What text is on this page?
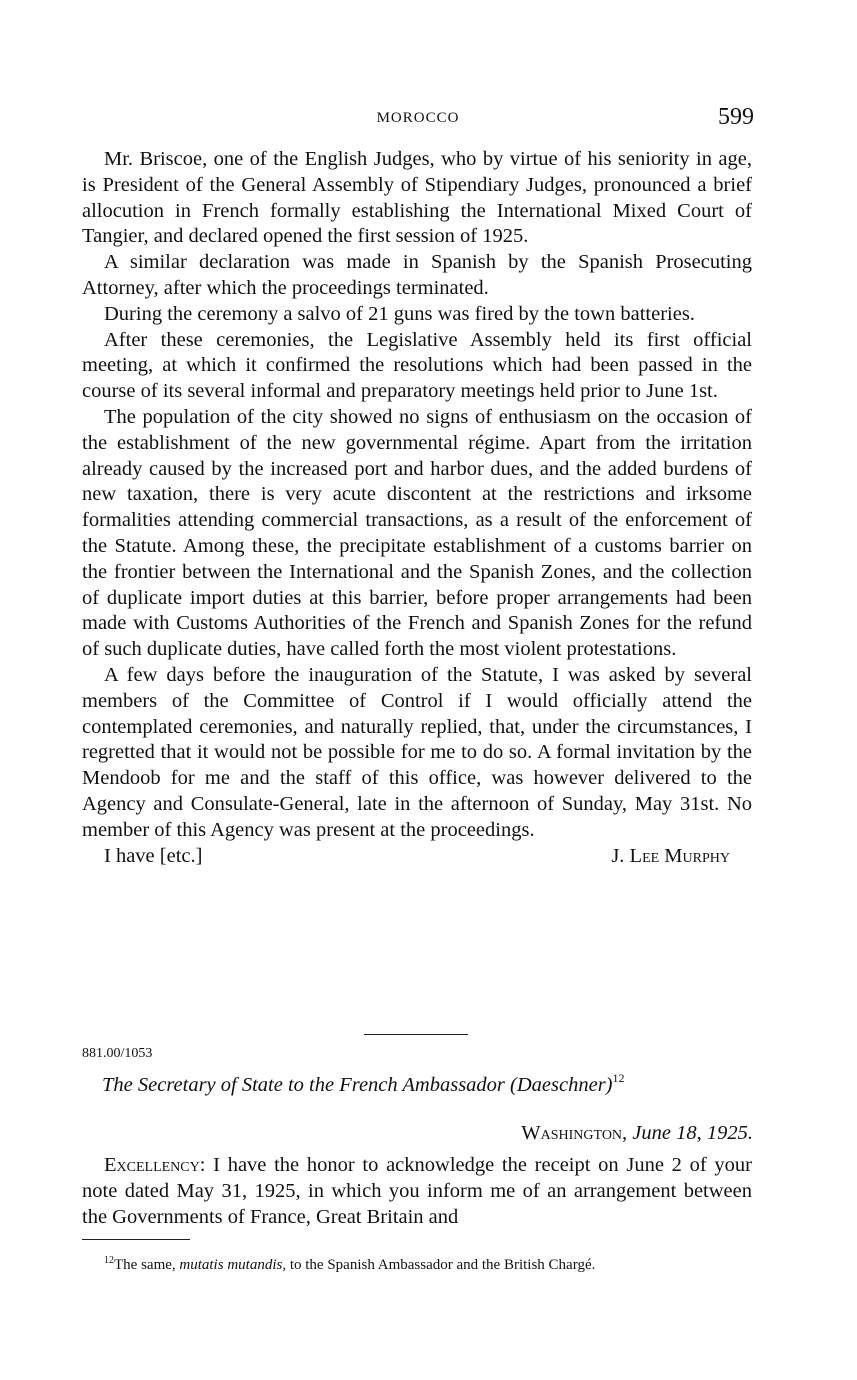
MOROCCO	599

Mr. Briscoe, one of the English Judges, who by virtue of his seniority in age, is President of the General Assembly of Stipendiary Judges, pronounced a brief allocution in French formally establishing the International Mixed Court of Tangier, and declared opened the first session of 1925.

A similar declaration was made in Spanish by the Spanish Prosecuting Attorney, after which the proceedings terminated.

During the ceremony a salvo of 21 guns was fired by the town batteries.

After these ceremonies, the Legislative Assembly held its first official meeting, at which it confirmed the resolutions which had been passed in the course of its several informal and preparatory meetings held prior to June 1st.

The population of the city showed no signs of enthusiasm on the occasion of the establishment of the new governmental régime. Apart from the irritation already caused by the increased port and harbor dues, and the added burdens of new taxation, there is very acute discontent at the restrictions and irksome formalities attending commercial transactions, as a result of the enforcement of the Statute. Among these, the precipitate establishment of a customs barrier on the frontier between the International and the Spanish Zones, and the collection of duplicate import duties at this barrier, before proper arrangements had been made with Customs Authorities of the French and Spanish Zones for the refund of such duplicate duties, have called forth the most violent protestations.

A few days before the inauguration of the Statute, I was asked by several members of the Committee of Control if I would officially attend the contemplated ceremonies, and naturally replied, that, under the circumstances, I regretted that it would not be possible for me to do so. A formal invitation by the Mendoob for me and the staff of this office, was however delivered to the Agency and Consulate-General, late in the afternoon of Sunday, May 31st. No member of this Agency was present at the proceedings.

I have [etc.]	J. Lee Murphy
881.00/1053
The Secretary of State to the French Ambassador (Daeschner)$^{12}$
Washington, June 18, 1925.

Excellency: I have the honor to acknowledge the receipt on June 2 of your note dated May 31, 1925, in which you inform me of an arrangement between the Governments of France, Great Britain and

$^{12}$The same, mutatis mutandis, to the Spanish Ambassador and the British Chargé.
